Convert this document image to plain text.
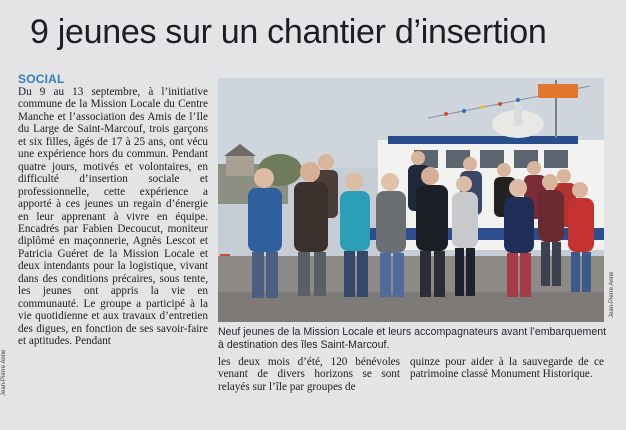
9 jeunes sur un chantier d’insertion
SOCIAL

Du 9 au 13 septembre, à l’initiative commune de la Mission Locale du Centre Manche et l’association des Amis de l’Ile du Large de Saint-Marcouf, trois garçons et six filles, âgés de 17 à 25 ans, ont vécu une expérience hors du commun. Pendant quatre jours, motivés et volontaires, en difficulté d’insertion sociale et professionnelle, cette expérience a apporté à ces jeunes un regain d’énergie en leur apprenant à vivre en équipe. Encadrés par Fabien Decoucut, moniteur diplômé en maçonnerie, Agnès Lescot et Patricia Guéret de la Mission Locale et deux intendants pour la logistique, vivant dans des conditions précaires, sous tente, les jeunes ont appris la vie en communauté. Le groupe a participé à la vie quotidienne et aux travaux d’entretien des digues, en fonction de ses savoir-faire et aptitudes. Pendant

Jean-Pierre Anne
Jean-Pierre Anne
Neuf jeunes de la Mission Locale et leurs accompagnateurs avant l’embarquement à destination des îles Saint-Marcouf.
les deux mois d’été, 120 bénévoles venant de divers horizons se sont relayés sur l’île par groupes de
quinze pour aider à la sauvegarde de ce patrimoine classé Monument Historique.
